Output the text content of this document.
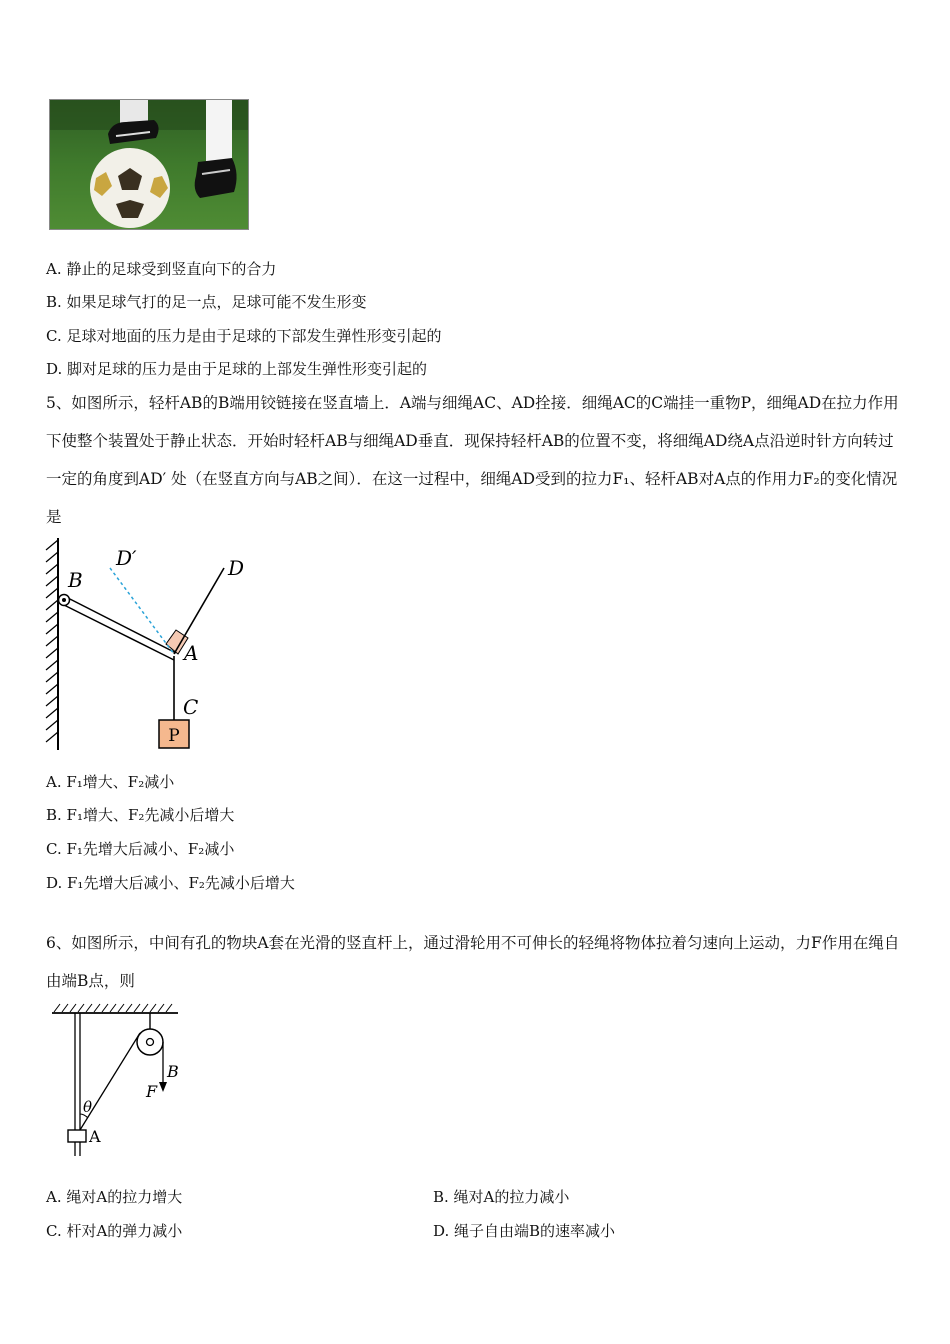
A. 静止的足球受到竖直向下的合力
B. 如果足球气打的足一点，足球可能不发生形变
C. 足球对地面的压力是由于足球的下部发生弹性形变引起的
D. 脚对足球的压力是由于足球的上部发生弹性形变引起的
5、如图所示，轻杆AB的B端用铰链接在竖直墙上．A端与细绳AC、AD拴接．细绳AC的C端挂一重物P，细绳AD在拉力作用下使整个装置处于静止状态．开始时轻杆AB与细绳AD垂直．现保持轻杆AB的位置不变，将细绳AD绕A点沿逆时针方向转过一定的角度到AD′ 处（在竖直方向与AB之间）．在这一过程中，细绳AD受到的拉力F₁、轻杆AB对A点的作用力F₂的变化情况是
P
D′	D
B
A
C
A. F₁增大、F₂减小
B. F₁增大、F₂先减小后增大
C. F₁先增大后减小、F₂减小
D. F₁先增大后减小、F₂先减小后增大
6、如图所示，中间有孔的物块A套在光滑的竖直杆上，通过滑轮用不可伸长的轻绳将物体拉着匀速向上运动，力F作用在绳自由端B点，则
B
F
θ
A
A. 绳对A的拉力增大	B. 绳对A的拉力减小
C. 杆对A的弹力减小	D. 绳子自由端B的速率减小
